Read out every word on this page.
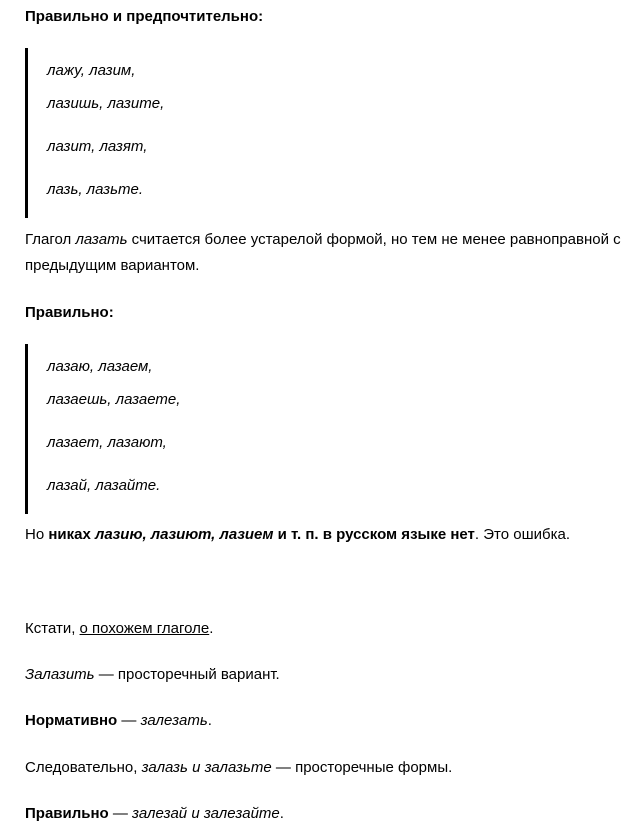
Правильно и предпочтительно:

лажу, лазим,

лазишь, лазите,

лазит, лазят,

лазь, лазьте.

Глагол лазать считается более устарелой формой, но тем не менее равноправной с предыдущим вариантом.

Правильно:

лазаю, лазаем,

лазаешь, лазаете,

лазает, лазают,

лазай, лазайте.

Но никах лазию, лазиют, лазием и т. п. в русском языке нет. Это ошибка.

Кстати, о похожем глаголе.

Залазить — просторечный вариант.

Нормативно — залезать.

Следовательно, залазь и залазьте — просторечные формы.

Правильно — залезай и залезайте.
